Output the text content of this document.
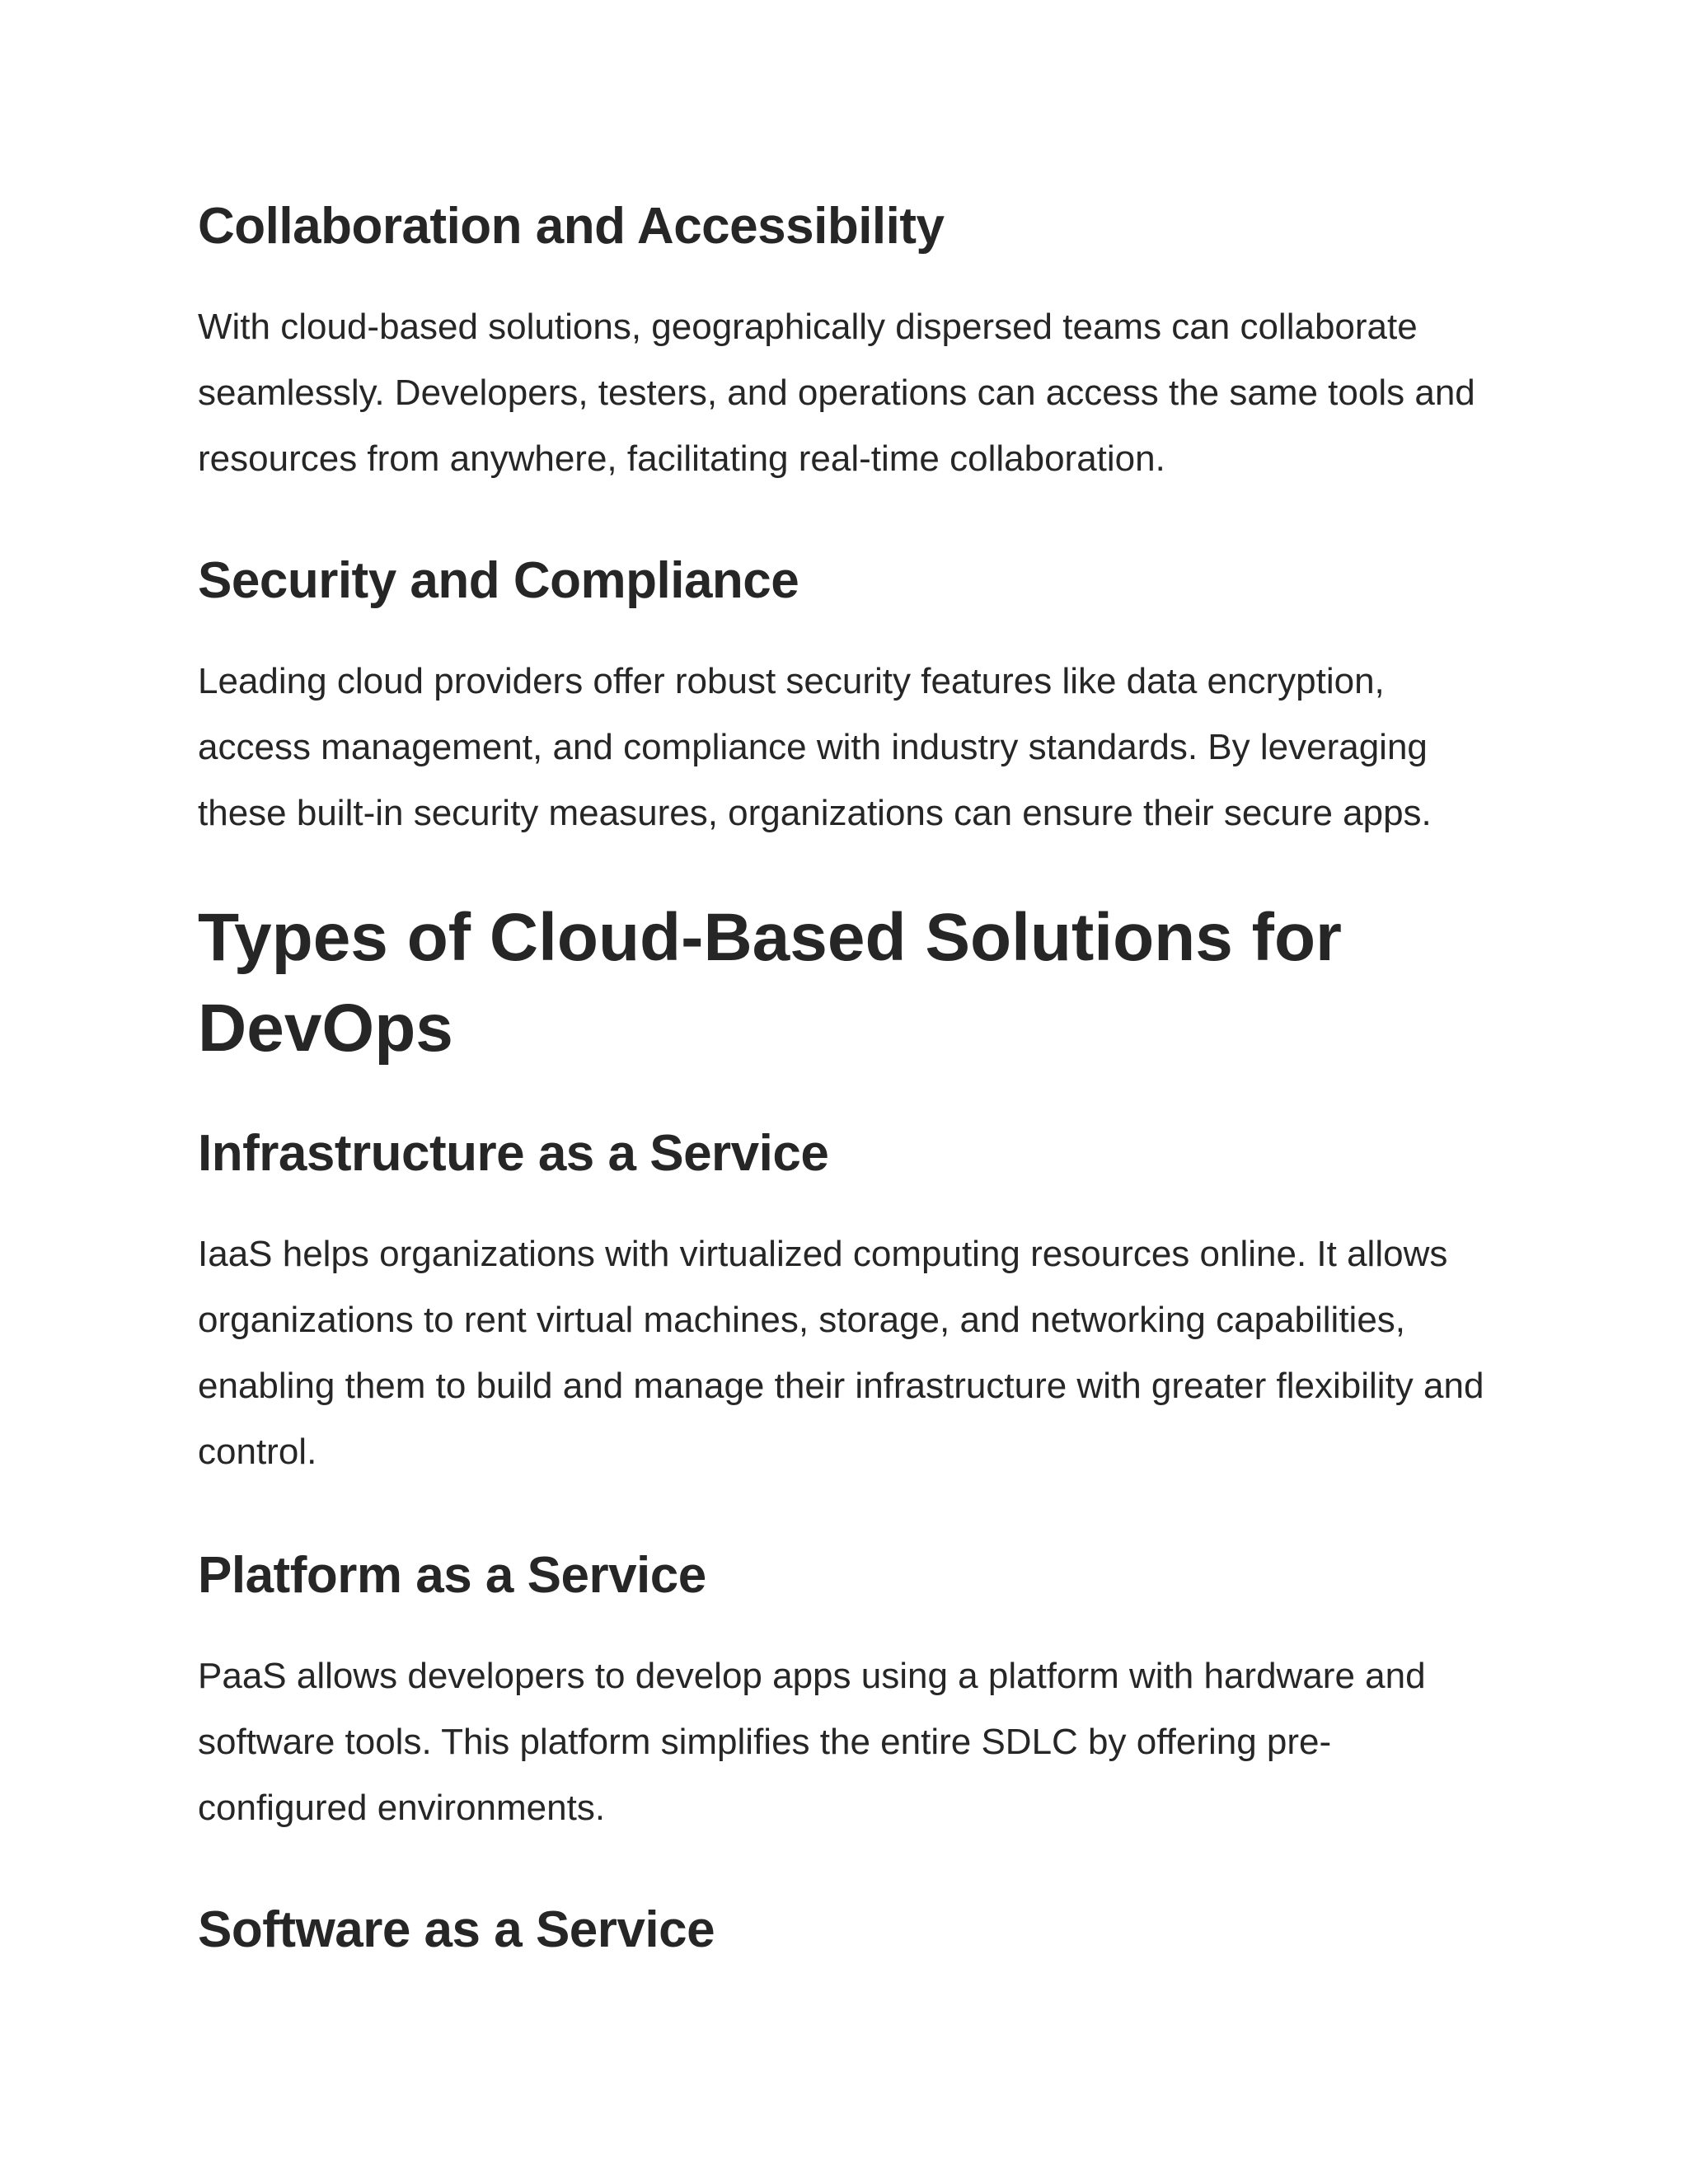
Collaboration and Accessibility

With cloud-based solutions, geographically dispersed teams can collaborate seamlessly. Developers, testers, and operations can access the same tools and resources from anywhere, facilitating real-time collaboration.

Security and Compliance

Leading cloud providers offer robust security features like data encryption, access management, and compliance with industry standards. By leveraging these built-in security measures, organizations can ensure their secure apps.

Types of Cloud-Based Solutions for DevOps
Infrastructure as a Service

IaaS helps organizations with virtualized computing resources online. It allows organizations to rent virtual machines, storage, and networking capabilities, enabling them to build and manage their infrastructure with greater flexibility and control.

Platform as a Service

PaaS allows developers to develop apps using a platform with hardware and software tools. This platform simplifies the entire SDLC by offering pre-configured environments.

Software as a Service
